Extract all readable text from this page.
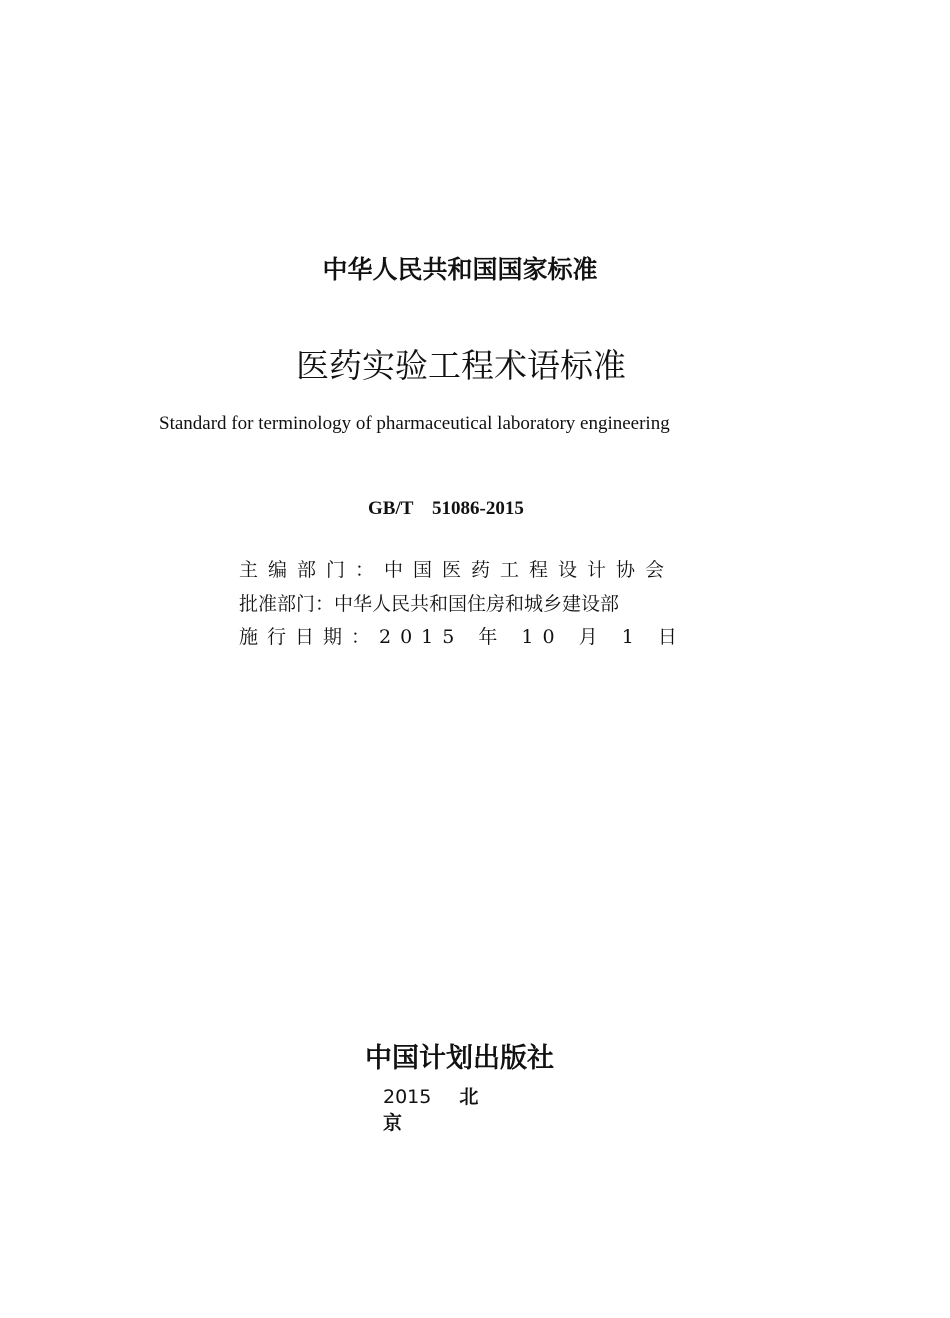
中华人民共和国国家标准
医药实验工程术语标准
Standard for terminology of pharmaceutical laboratory engineering
GB/T    51086-2015
主编部门：中国医药工程设计协会
批准部门：中华人民共和国住房和城乡建设部
施行日期：2015 年 10 月 1 日
中国计划出版社
2015 北京
